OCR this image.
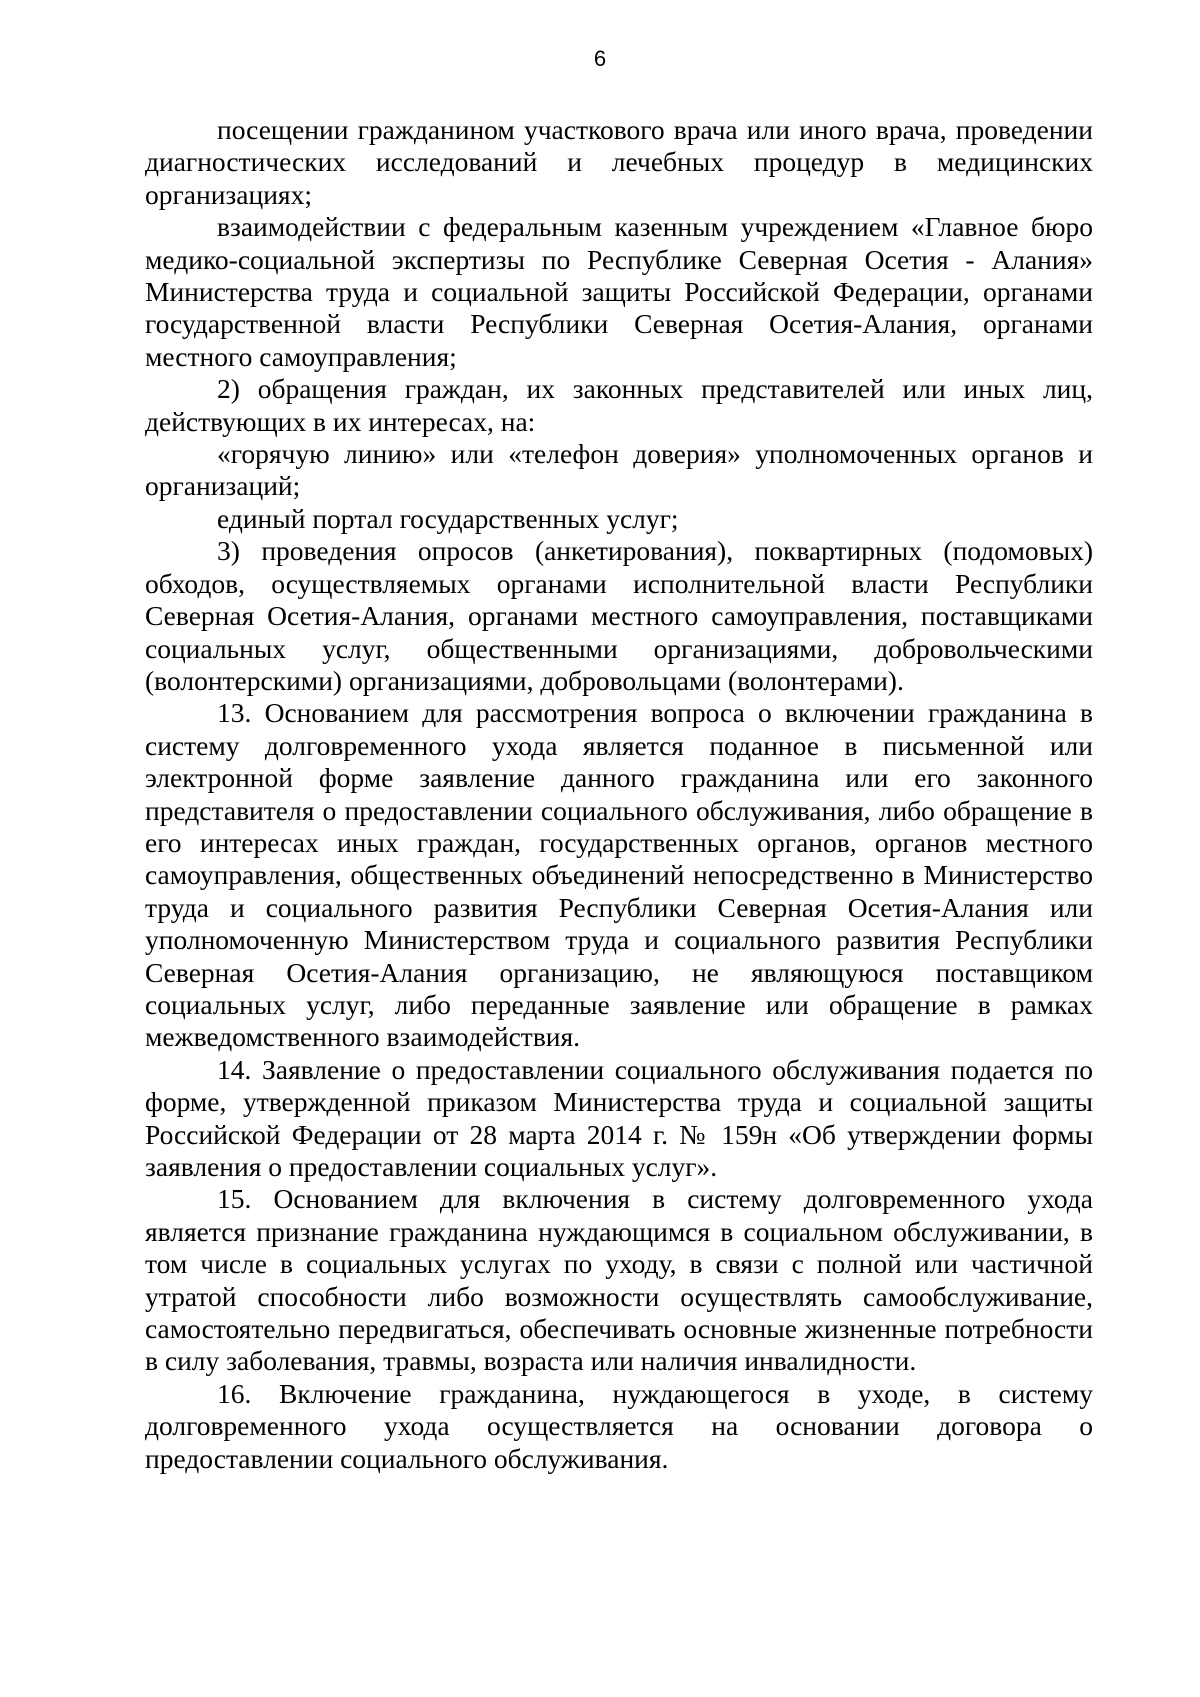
6

посещении гражданином участкового врача или иного врача, проведении диагностических исследований и лечебных процедур в медицинских организациях;

взаимодействии с федеральным казенным учреждением «Главное бюро медико-социальной экспертизы по Республике Северная Осетия - Алания» Министерства труда и социальной защиты Российской Федерации, органами государственной власти Республики Северная Осетия-Алания, органами местного самоуправления;

2) обращения граждан, их законных представителей или иных лиц, действующих в их интересах, на:

«горячую линию» или «телефон доверия» уполномоченных органов и организаций;

единый портал государственных услуг;

3) проведения опросов (анкетирования), поквартирных (подомовых) обходов, осуществляемых органами исполнительной власти Республики Северная Осетия-Алания, органами местного самоуправления, поставщиками социальных услуг, общественными организациями, добровольческими (волонтерскими) организациями, добровольцами (волонтерами).

13. Основанием для рассмотрения вопроса о включении гражданина в систему долговременного ухода является поданное в письменной или электронной форме заявление данного гражданина или его законного представителя о предоставлении социального обслуживания, либо обращение в его интересах иных граждан, государственных органов, органов местного самоуправления, общественных объединений непосредственно в Министерство труда и социального развития Республики Северная Осетия-Алания или уполномоченную Министерством труда и социального развития Республики Северная Осетия-Алания организацию, не являющуюся поставщиком социальных услуг, либо переданные заявление или обращение в рамках межведомственного взаимодействия.

14. Заявление о предоставлении социального обслуживания подается по форме, утвержденной приказом Министерства труда и социальной защиты Российской Федерации от 28 марта 2014 г. № 159н «Об утверждении формы заявления о предоставлении социальных услуг».

15. Основанием для включения в систему долговременного ухода является признание гражданина нуждающимся в социальном обслуживании, в том числе в социальных услугах по уходу, в связи с полной или частичной утратой способности либо возможности осуществлять самообслуживание, самостоятельно передвигаться, обеспечивать основные жизненные потребности в силу заболевания, травмы, возраста или наличия инвалидности.

16. Включение гражданина, нуждающегося в уходе, в систему долговременного ухода осуществляется на основании договора о предоставлении социального обслуживания.
